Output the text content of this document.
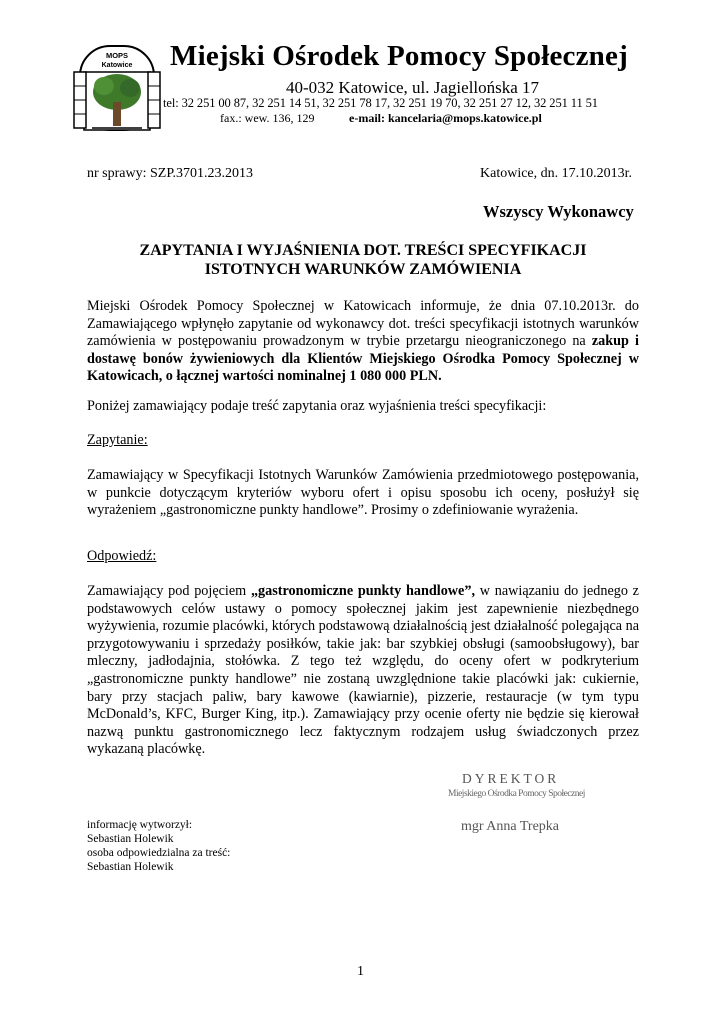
MOPS
Katowice Miejski Ośrodek Pomocy Społecznej
40-032 Katowice, ul. Jagiellońska 17
tel: 32 251 00 87, 32 251 14 51, 32 251 78 17, 32 251 19 70, 32 251 27 12, 32 251 11 51
fax.: wew. 136, 129	e-mail: kancelaria@mops.katowice.pl
nr sprawy: SZP.3701.23.2013	Katowice, dn. 17.10.2013r.
Wszyscy Wykonawcy
ZAPYTANIA I WYJAŚNIENIA DOT. TREŚCI SPECYFIKACJI
ISTOTNYCH WARUNKÓW ZAMÓWIENIA
Miejski Ośrodek Pomocy Społecznej w Katowicach informuje, że dnia 07.10.2013r. do Zamawiającego wpłynęło zapytanie od wykonawcy dot. treści specyfikacji istotnych warunków zamówienia w postępowaniu prowadzonym w trybie przetargu nieograniczonego na zakup i dostawę bonów żywieniowych dla Klientów Miejskiego Ośrodka Pomocy Społecznej w Katowicach, o łącznej wartości nominalnej 1 080 000 PLN.
Poniżej zamawiający podaje treść zapytania oraz wyjaśnienia treści specyfikacji:
Zapytanie:
Zamawiający w Specyfikacji Istotnych Warunków Zamówienia przedmiotowego postępowania, w punkcie dotyczącym kryteriów wyboru ofert i opisu sposobu ich oceny, posłużył się wyrażeniem „gastronomiczne punkty handlowe”. Prosimy o zdefiniowanie wyrażenia.
Odpowiedź:
Zamawiający pod pojęciem „gastronomiczne punkty handlowe”, w nawiązaniu do jednego z podstawowych celów ustawy o pomocy społecznej jakim jest zapewnienie niezbędnego wyżywienia, rozumie placówki, których podstawową działalnością jest działalność polegająca na przygotowywaniu i sprzedaży posiłków, takie jak: bar szybkiej obsługi (samoobsługowy), bar mleczny, jadłodajnia, stołówka. Z tego też względu, do oceny ofert w podkryterium „gastronomiczne punkty handlowe” nie zostaną uwzględnione takie placówki jak: cukiernie, bary przy stacjach paliw, bary kawowe (kawiarnie), pizzerie, restauracje (w tym typu McDonald’s, KFC, Burger King, itp.). Zamawiający przy ocenie oferty nie będzie się kierował nazwą punktu gastronomicznego lecz faktycznym rodzajem usług świadczonych przez wykazaną placówkę.
DYREKTOR
Miejskiego Ośrodka Pomocy Społecznej
mgr Anna Trepka
informację wytworzył:
Sebastian Holewik
osoba odpowiedzialna za treść:
Sebastian Holewik
1
